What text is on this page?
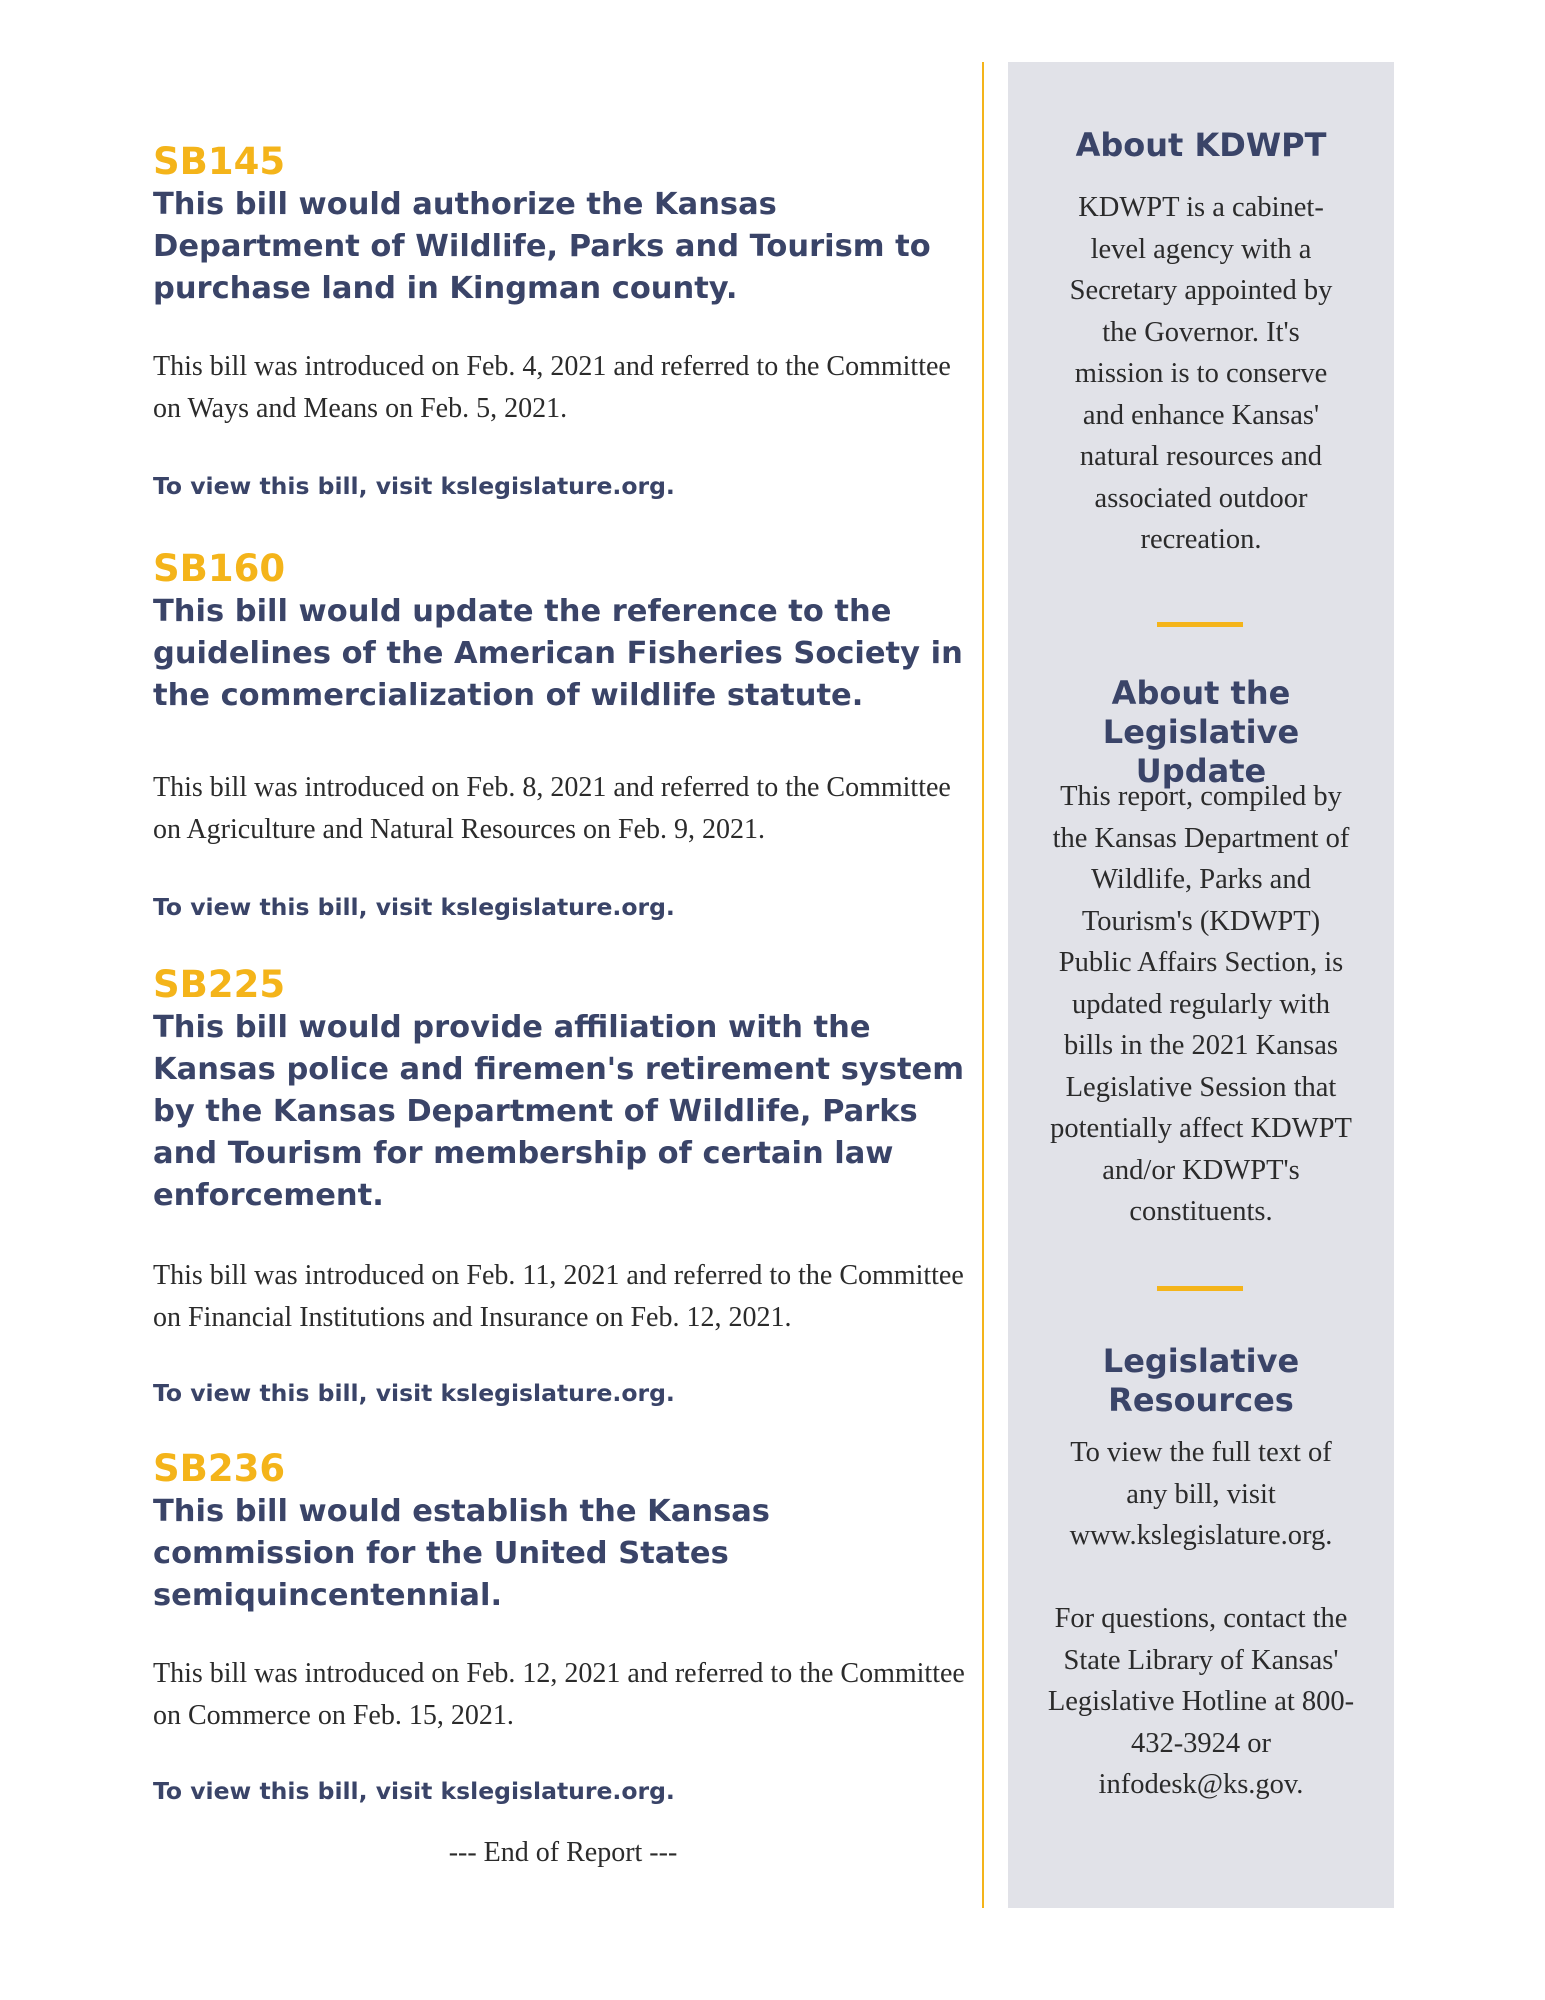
SB145

This bill would authorize the Kansas Department of Wildlife, Parks and Tourism to purchase land in Kingman county.

This bill was introduced on Feb. 4, 2021 and referred to the Committee on Ways and Means on Feb. 5, 2021.

To view this bill, visit kslegislature.org.

SB160

This bill would update the reference to the guidelines of the American Fisheries Society in the commercialization of wildlife statute.

This bill was introduced on Feb. 8, 2021 and referred to the Committee on Agriculture and Natural Resources on Feb. 9, 2021.

To view this bill, visit kslegislature.org.

SB225

This bill would provide affiliation with the Kansas police and firemen's retirement system by the Kansas Department of Wildlife, Parks and Tourism for membership of certain law enforcement.

This bill was introduced on Feb. 11, 2021 and referred to the Committee on Financial Institutions and Insurance on Feb. 12, 2021.

To view this bill, visit kslegislature.org.

SB236

This bill would establish the Kansas commission for the United States semiquincentennial.

This bill was introduced on Feb. 12, 2021 and referred to the Committee on Commerce on Feb. 15, 2021.

To view this bill, visit kslegislature.org.

--- End of Report ---
About KDWPT
KDWPT is a cabinet-level agency with a Secretary appointed by the Governor. It's mission is to conserve and enhance Kansas' natural resources and associated outdoor recreation.
About the Legislative Update
This report, compiled by the Kansas Department of Wildlife, Parks and Tourism's (KDWPT) Public Affairs Section, is updated regularly with bills in the 2021 Kansas Legislative Session that potentially affect KDWPT and/or KDWPT's constituents.
Legislative Resources
To view the full text of any bill, visit www.kslegislature.org.
For questions, contact the State Library of Kansas' Legislative Hotline at 800-432-3924 or infodesk@ks.gov.
